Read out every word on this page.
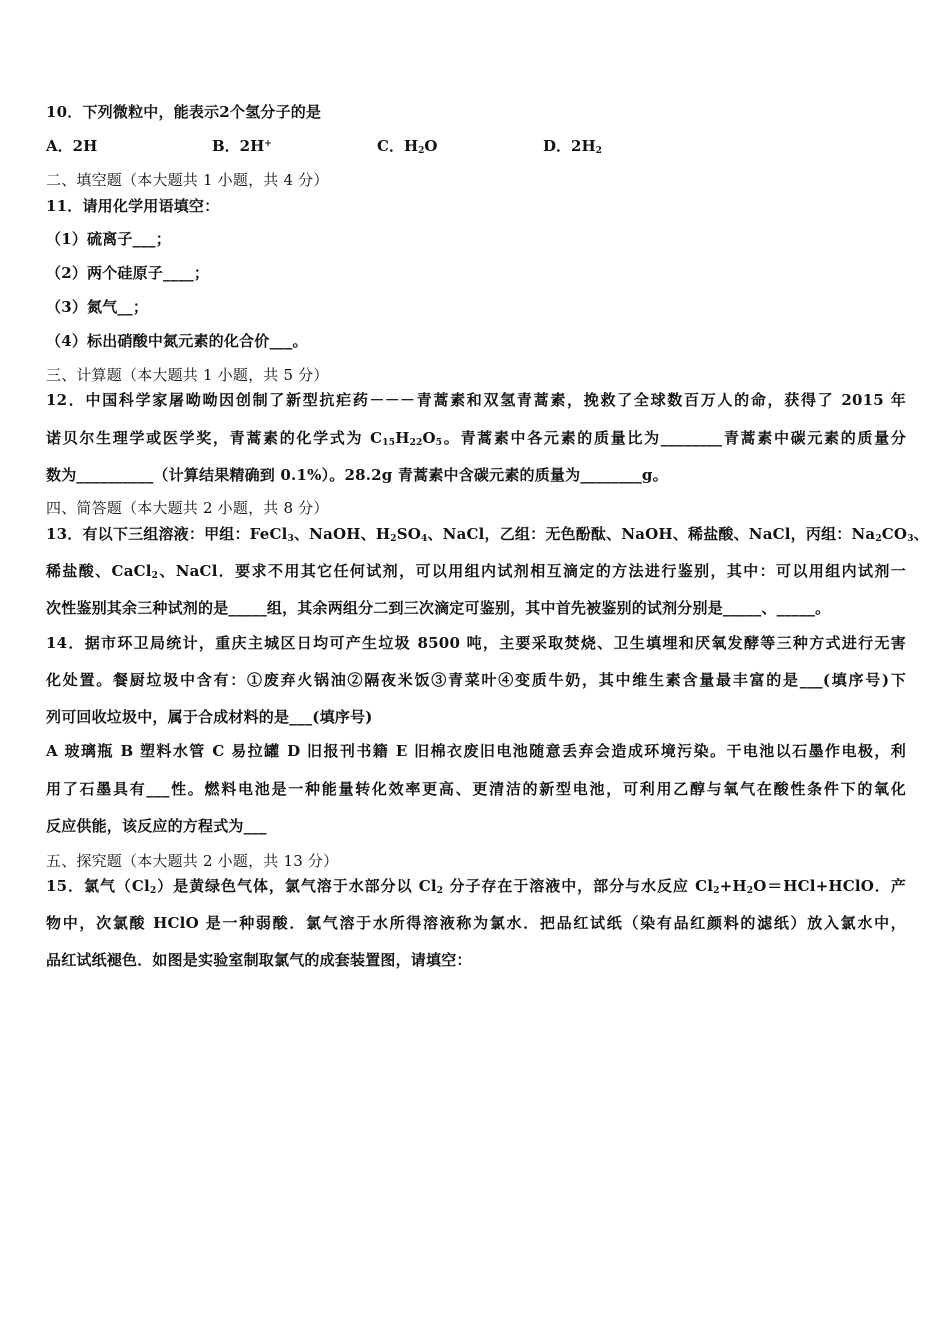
10．下列微粒中，能表示2个氢分子的是
A．2H	B．2H+	C．$H_2O$	D．$2H_2$
二、填空题（本大题共 1 小题，共 4 分）
11．请用化学用语填空：
（1）硫离子___；
（2）两个硅原子____；
（3）氮气__；
（4）标出硝酸中氮元素的化合价___。
三、计算题（本大题共 1 小题，共 5 分）
12．中国科学家屠呦呦因创制了新型抗疟药－－－青蒿素和双氢青蒿素，挽救了全球数百万人的命，获得了 2015 年
诺贝尔生理学或医学奖，青蒿素的化学式为 $C_{15}H_{22}O_5$。青蒿素中各元素的质量比为________青蒿素中碳元素的质量分
数为__________（计算结果精确到 0.1%）。28.2g 青蒿素中含碳元素的质量为________g。
四、简答题（本大题共 2 小题，共 8 分）
13．有以下三组溶液：甲组：FeCl$_3$、NaOH、$H_2SO_4$、NaCl，乙组：无色酚酞、NaOH、稀盐酸、NaCl，丙组：$Na_2CO_3$、
稀盐酸、CaCl$_2$、NaCl．要求不用其它任何试剂，可以用组内试剂相互滴定的方法进行鉴别，其中：可以用组内试剂一
次性鉴别其余三种试剂的是_____组，其余两组分二到三次滴定可鉴别，其中首先被鉴别的试剂分别是_____、_____。
14．据市环卫局统计，重庆主城区日均可产生垃圾 8500 吨，主要采取焚烧、卫生填埋和厌氧发酵等三种方式进行无害
化处置。餐厨垃圾中含有：①废弃火锅油②隔夜米饭③青菜叶④变质牛奶，其中维生素含量最丰富的是___(填序号)下
列可回收垃圾中，属于合成材料的是___(填序号)
A 玻璃瓶 B 塑料水管 C 易拉罐 D 旧报刊书籍 E 旧棉衣废旧电池随意丢弃会造成环境污染。干电池以石墨作电极，利
用了石墨具有___性。燃料电池是一种能量转化效率更高、更清洁的新型电池，可利用乙醇与氧气在酸性条件下的氧化
反应供能，该反应的方程式为___
五、探究题（本大题共 2 小题，共 13 分）
15．氯气$(Cl_2)$是黄绿色气体，氯气溶于水部分以 $Cl_2$ 分子存在于溶液中，部分与水反应 $Cl_2+H_2O=HCl+HClO$．产
物中，次氯酸 HClO 是一种弱酸．氯气溶于水所得溶液称为氯水．把品红试纸（染有品红颜料的滤纸）放入氯水中，
品红试纸褪色．如图是实验室制取氯气的成套装置图，请填空：
